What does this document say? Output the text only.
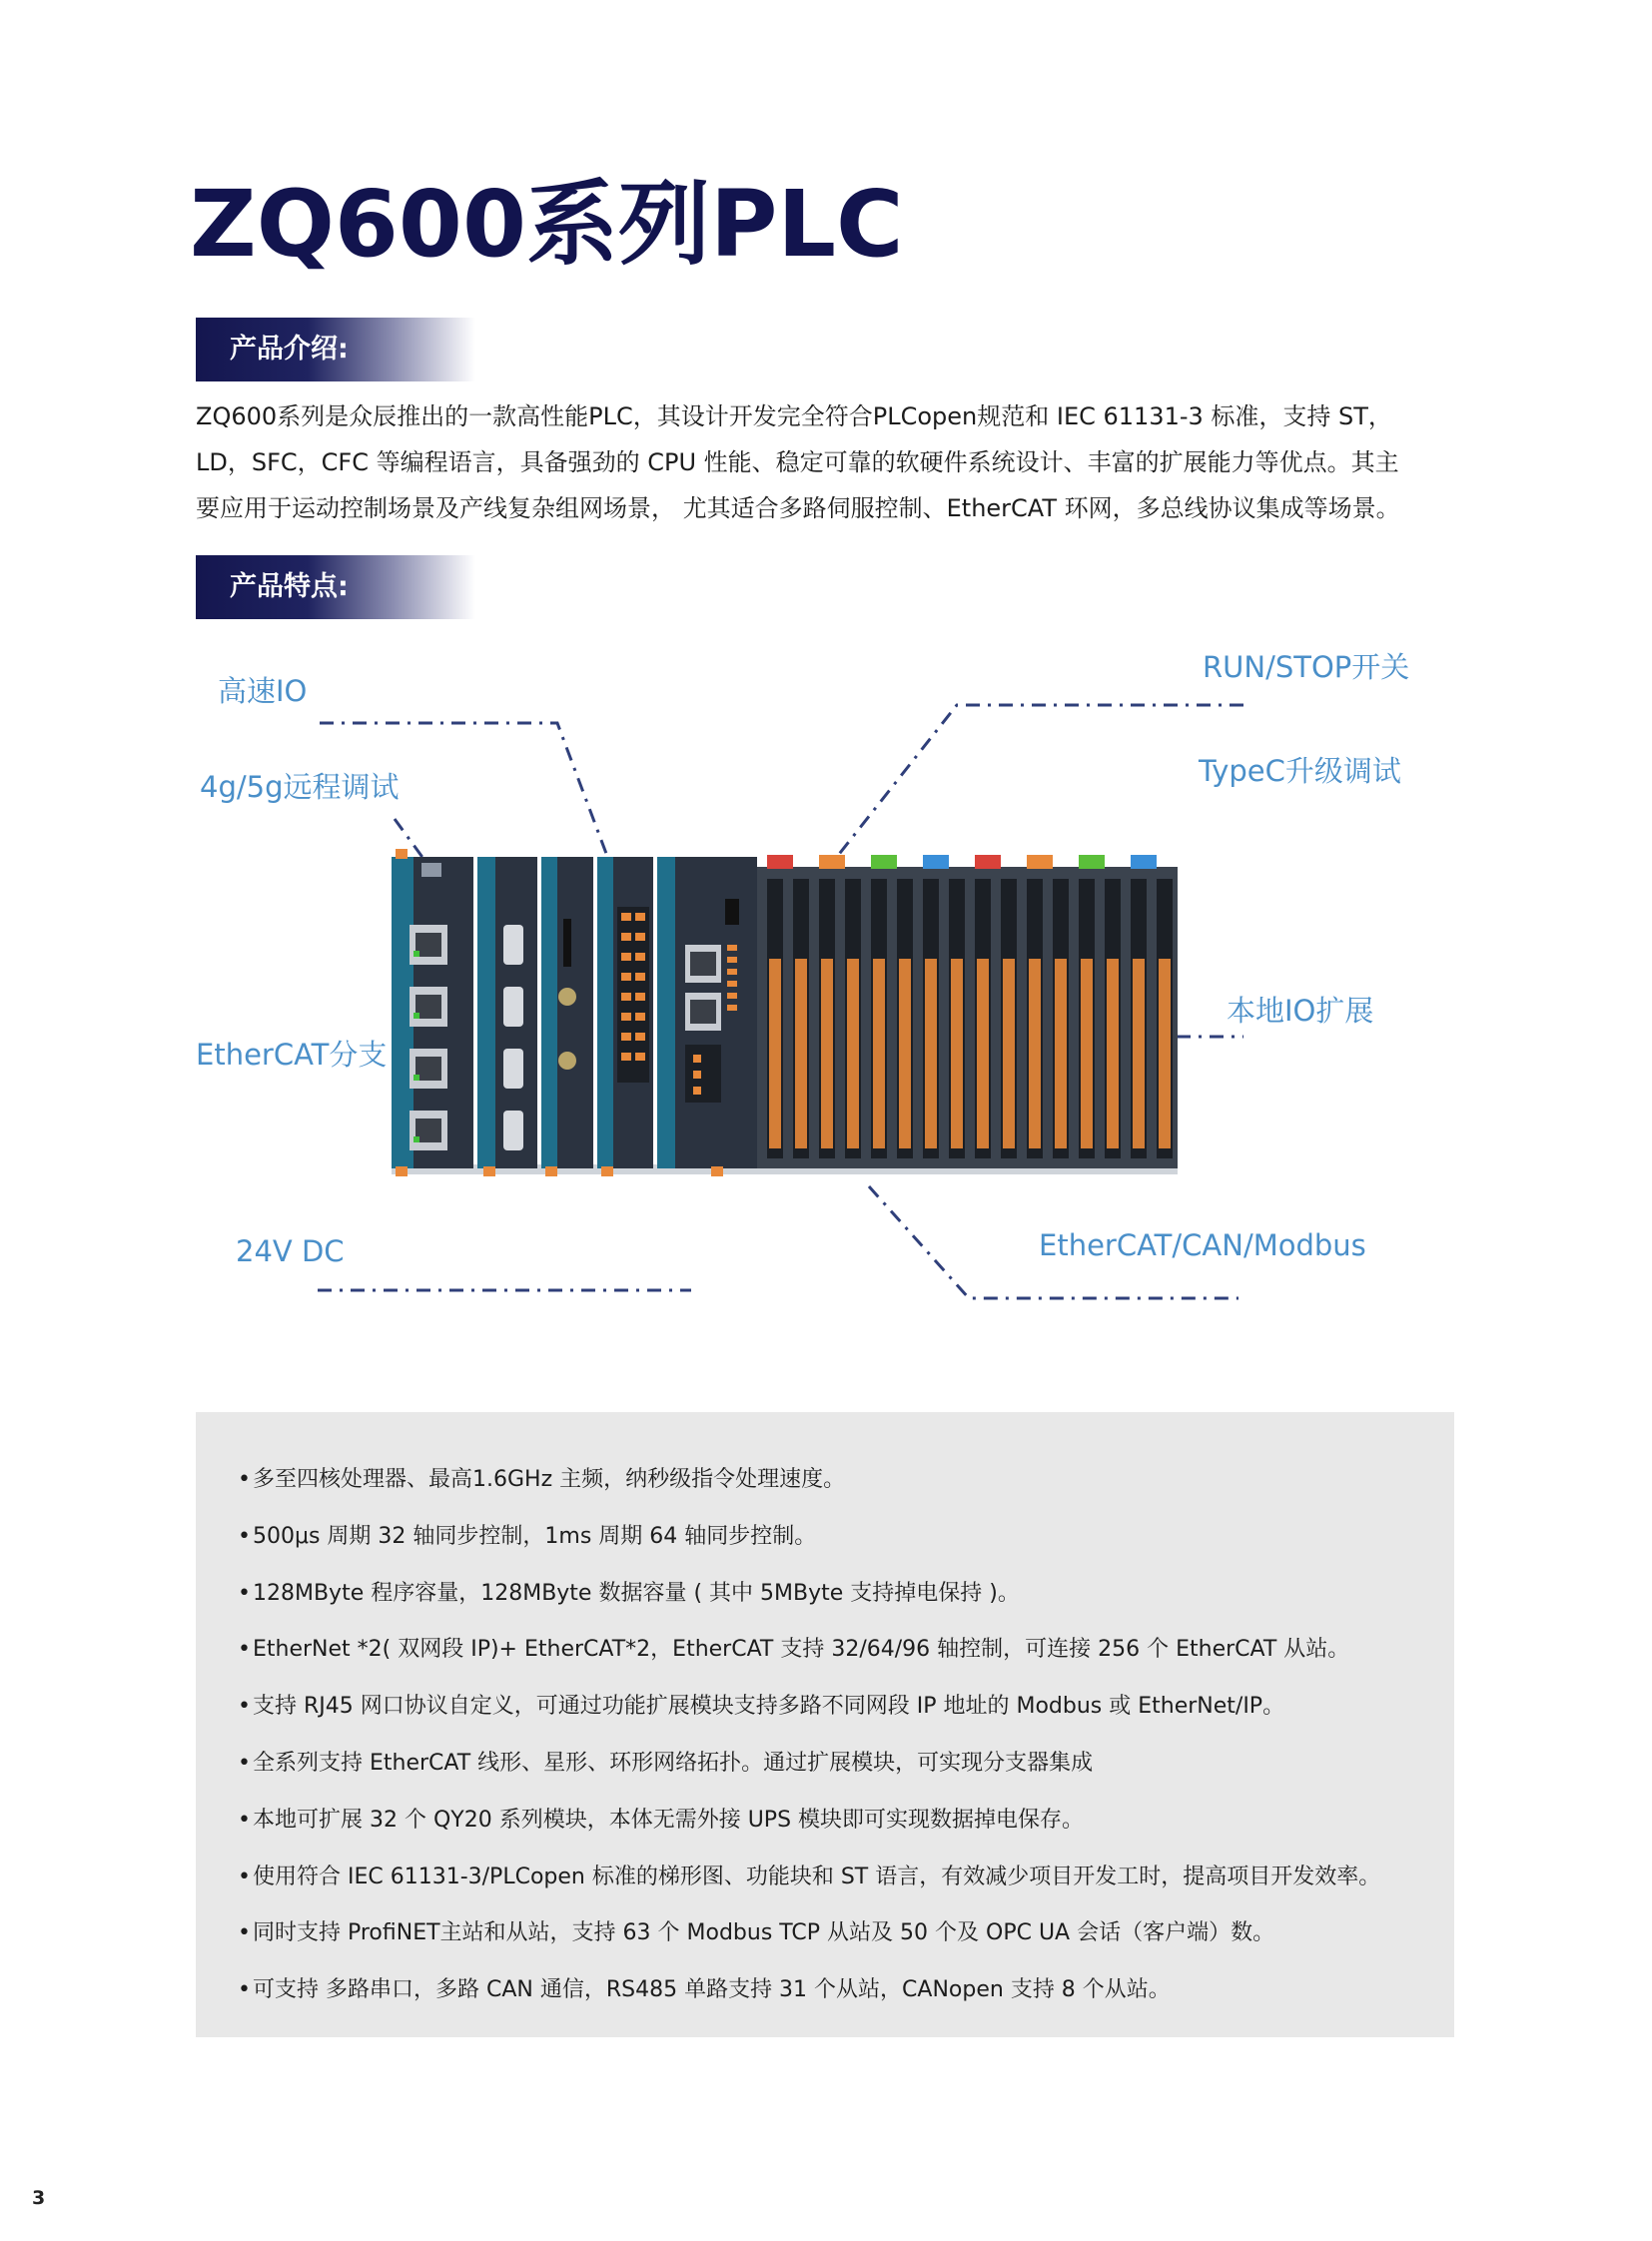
ZQ600系列PLC
产品介绍:

ZQ600系列是众辰推出的一款高性能PLC，其设计开发完全符合PLCopen规范和 IEC 61131-3 标准，支持 ST，

LD，SFC，CFC 等编程语言，具备强劲的 CPU 性能、稳定可靠的软硬件系统设计、丰富的扩展能力等优点。其主

要应用于运动控制场景及产线复杂组网场景， 尤其适合多路伺服控制、EtherCAT 环网，多总线协议集成等场景。

产品特点:
高速IO
4g/5g远程调试
EtherCAT分支
24V DC
RUN/STOP开关
TypeC升级调试
本地IO扩展
EtherCAT/CAN/Modbus
• 多至四核处理器、最高1.6GHz 主频，纳秒级指令处理速度。
• 500μs 周期 32 轴同步控制，1ms 周期 64 轴同步控制。
• 128MByte 程序容量，128MByte 数据容量 ( 其中 5MByte 支持掉电保持 )。
• EtherNet *2( 双网段 IP)+ EtherCAT*2，EtherCAT 支持 32/64/96 轴控制，可连接 256 个 EtherCAT 从站。
• 支持 RJ45 网口协议自定义，可通过功能扩展模块支持多路不同网段 IP 地址的 Modbus 或 EtherNet/IP。
• 全系列支持 EtherCAT 线形、星形、环形网络拓扑。通过扩展模块，可实现分支器集成
• 本地可扩展 32 个 QY20 系列模块，本体无需外接 UPS 模块即可实现数据掉电保存。
• 使用符合 IEC 61131-3/PLCopen 标准的梯形图、功能块和 ST 语言，有效减少项目开发工时，提高项目开发效率。
• 同时支持 ProfiNET主站和从站，支持 63 个 Modbus TCP 从站及 50 个及 OPC UA 会话（客户端）数。
• 可支持 多路串口，多路 CAN 通信，RS485 单路支持 31 个从站，CANopen 支持 8 个从站。
3
